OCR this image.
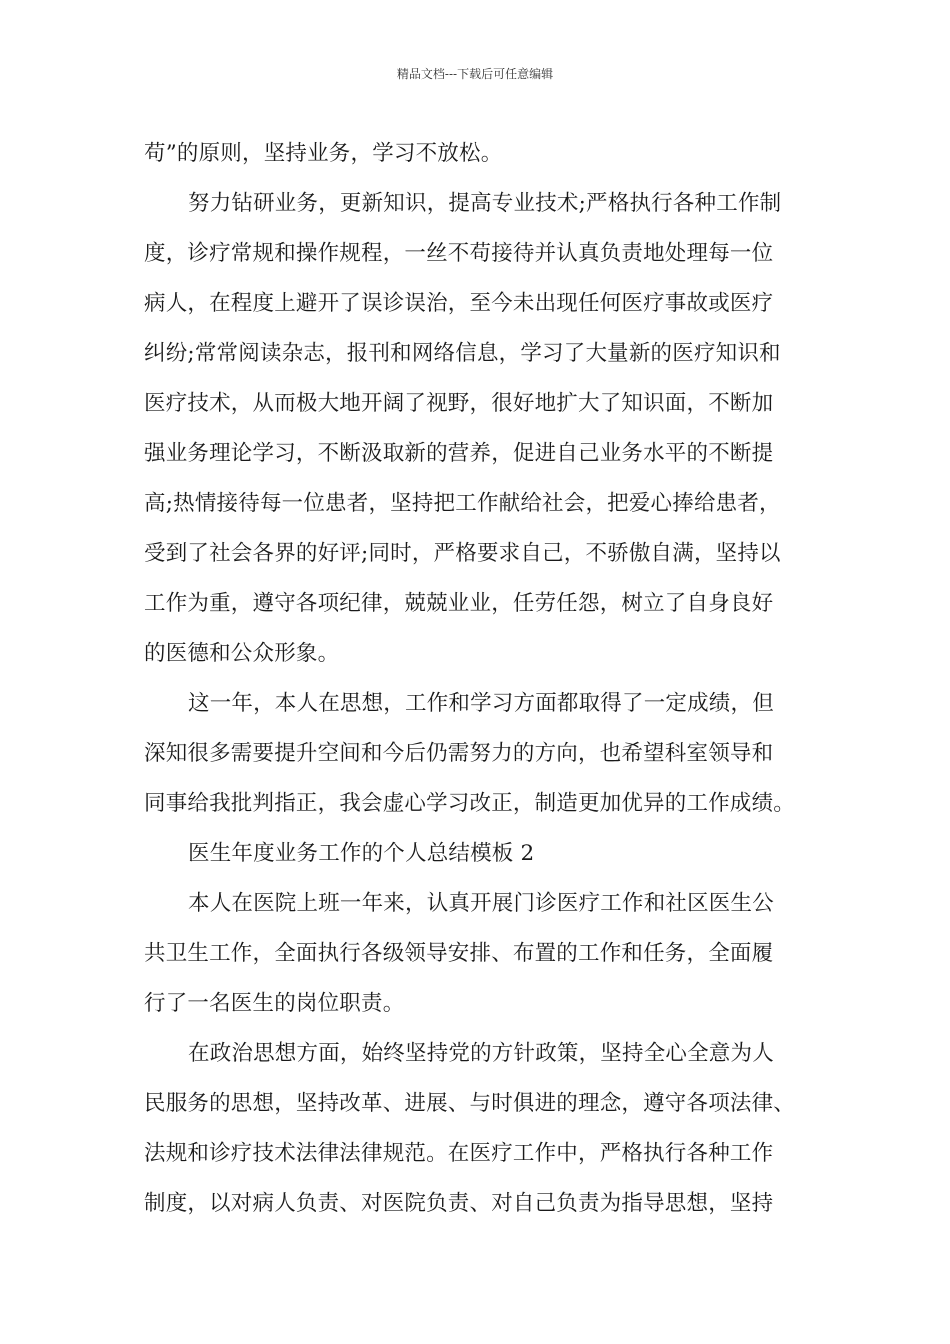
精品文档---下载后可任意编辑
苟”的原则，坚持业务，学习不放松。
努力钻研业务，更新知识，提高专业技术;严格执行各种工作制
度，诊疗常规和操作规程，一丝不苟接待并认真负责地处理每一位
病人，在程度上避开了误诊误治，至今未出现任何医疗事故或医疗
纠纷;常常阅读杂志，报刊和网络信息，学习了大量新的医疗知识和
医疗技术，从而极大地开阔了视野，很好地扩大了知识面，不断加
强业务理论学习，不断汲取新的营养，促进自己业务水平的不断提
高;热情接待每一位患者，坚持把工作献给社会，把爱心捧给患者，
受到了社会各界的好评;同时，严格要求自己，不骄傲自满，坚持以
工作为重，遵守各项纪律，兢兢业业，任劳任怨，树立了自身良好
的医德和公众形象。
这一年，本人在思想，工作和学习方面都取得了一定成绩，但
深知很多需要提升空间和今后仍需努力的方向，也希望科室领导和
同事给我批判指正，我会虚心学习改正，制造更加优异的工作成绩。
医生年度业务工作的个人总结模板 2
本人在医院上班一年来，认真开展门诊医疗工作和社区医生公
共卫生工作，全面执行各级领导安排、布置的工作和任务，全面履
行了一名医生的岗位职责。
在政治思想方面，始终坚持党的方针政策，坚持全心全意为人
民服务的思想，坚持改革、进展、与时俱进的理念，遵守各项法律、
法规和诊疗技术法律法律规范。在医疗工作中，严格执行各种工作
制度，以对病人负责、对医院负责、对自己负责为指导思想，坚持
